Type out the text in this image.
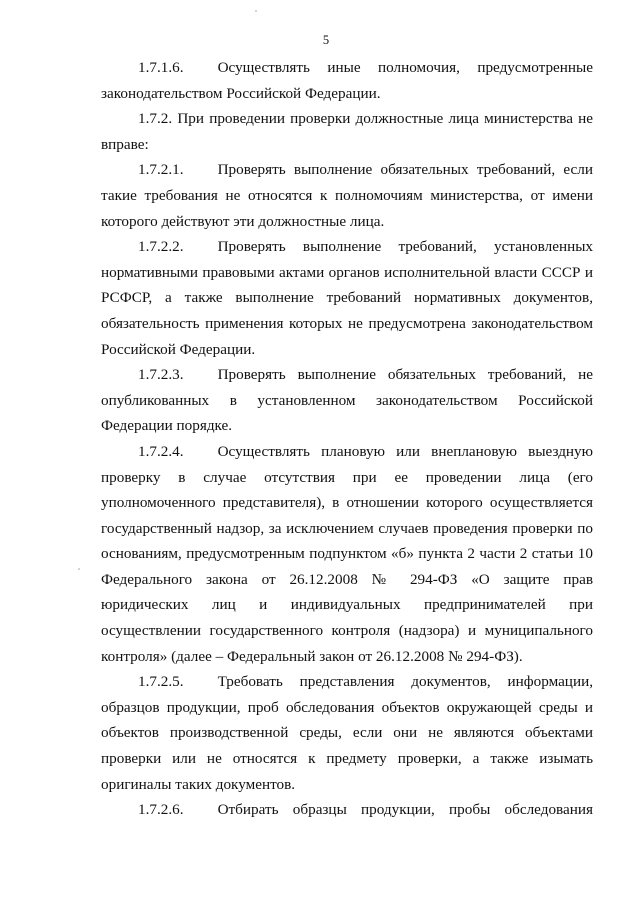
5

1.7.1.6. Осуществлять иные полномочия, предусмотренные законодательством Российской Федерации.

1.7.2. При проведении проверки должностные лица министерства не вправе:

1.7.2.1. Проверять выполнение обязательных требований, если такие требования не относятся к полномочиям министерства, от имени которого действуют эти должностные лица.

1.7.2.2. Проверять выполнение требований, установленных нормативными правовыми актами органов исполнительной власти СССР и РСФСР, а также выполнение требований нормативных документов, обязательность применения которых не предусмотрена законодательством Российской Федерации.

1.7.2.3. Проверять выполнение обязательных требований, не опубликованных в установленном законодательством Российской Федерации порядке.

1.7.2.4. Осуществлять плановую или внеплановую выездную проверку в случае отсутствия при ее проведении лица (его уполномоченного представителя), в отношении которого осуществляется государственный надзор, за исключением случаев проведения проверки по основаниям, предусмотренным подпунктом «б» пункта 2 части 2 статьи 10 Федерального закона от 26.12.2008 № 294-ФЗ «О защите прав юридических лиц и индивидуальных предпринимателей при осуществлении государственного контроля (надзора) и муниципального контроля» (далее – Федеральный закон от 26.12.2008 № 294-ФЗ).

1.7.2.5. Требовать представления документов, информации, образцов продукции, проб обследования объектов окружающей среды и объектов производственной среды, если они не являются объектами проверки или не относятся к предмету проверки, а также изымать оригиналы таких документов.

1.7.2.6. Отбирать образцы продукции, пробы обследования
